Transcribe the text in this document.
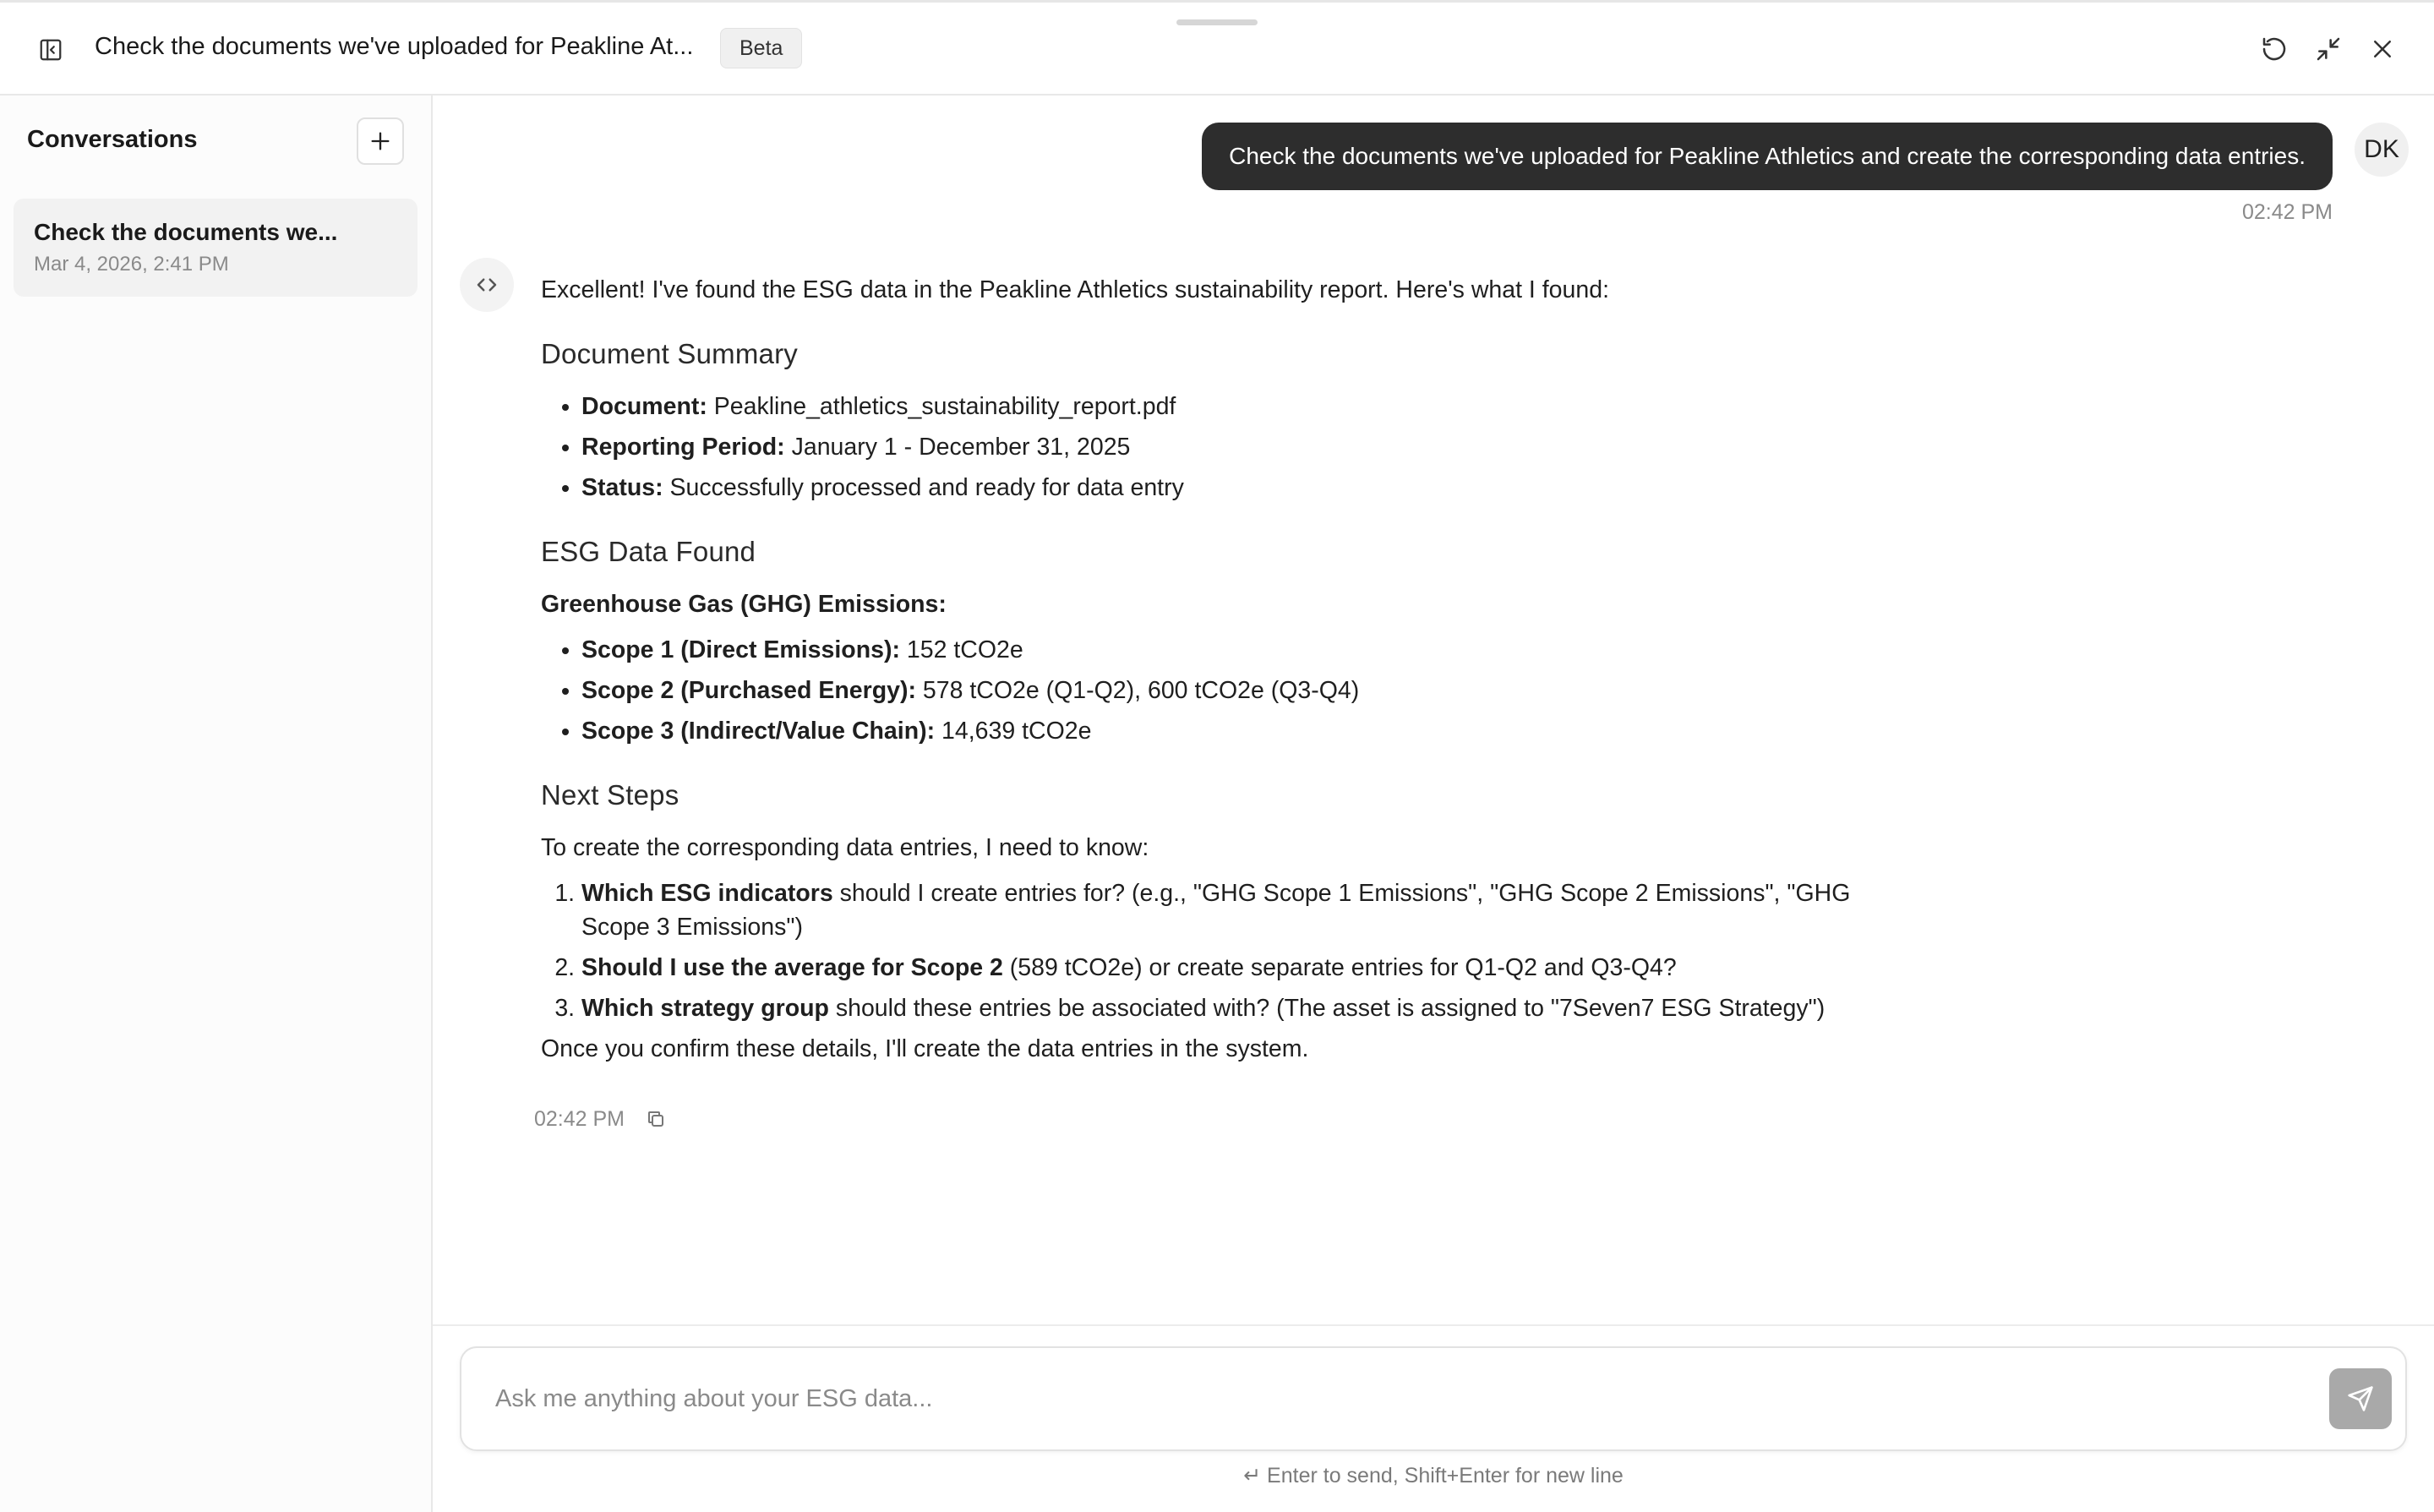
Check the documents we've uploaded for Peakline At...	Beta
Conversations
Check the documents we...
Mar 4, 2026, 2:41 PM
Check the documents we've uploaded for Peakline Athletics and create the corresponding data entries.	DK
02:42 PM

Excellent! I've found the ESG data in the Peakline Athletics sustainability report. Here's what I found:

Document Summary
• Document: Peakline_athletics_sustainability_report.pdf
• Reporting Period: January 1 - December 31, 2025
• Status: Successfully processed and ready for data entry
ESG Data Found

Greenhouse Gas (GHG) Emissions:

• Scope 1 (Direct Emissions): 152 tCO2e
• Scope 2 (Purchased Energy): 578 tCO2e (Q1-Q2), 600 tCO2e (Q3-Q4)
• Scope 3 (Indirect/Value Chain): 14,639 tCO2e
Next Steps

To create the corresponding data entries, I need to know:

1. Which ESG indicators should I create entries for? (e.g., "GHG Scope 1 Emissions", "GHG Scope 2 Emissions", "GHG Scope 3 Emissions")
2. Should I use the average for Scope 2 (589 tCO2e) or create separate entries for Q1-Q2 and Q3-Q4?
3. Which strategy group should these entries be associated with? (The asset is assigned to "7Seven7 ESG Strategy")

Once you confirm these details, I'll create the data entries in the system.

02:42 PM
Ask me anything about your ESG data...
↵ Enter to send, Shift+Enter for new line
